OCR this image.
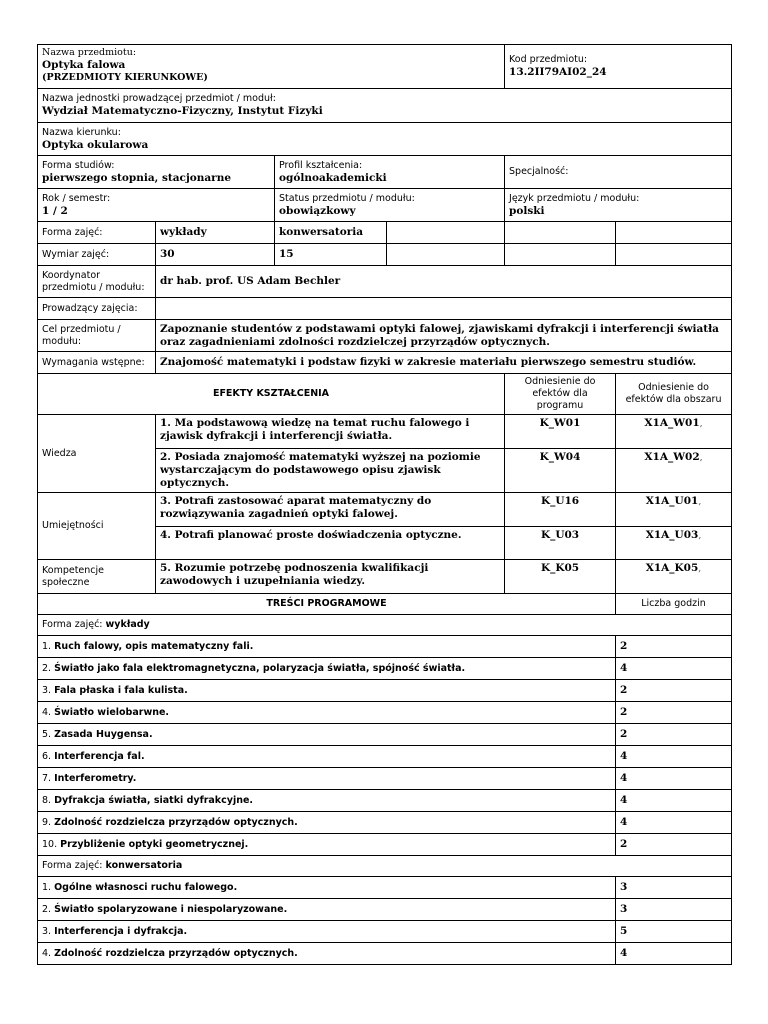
Nazwa przedmiotu:
Optyka falowa
(PRZEDMIOTY KIERUNKOWE)				Kod przedmiotu:
13.2II79AI02_24	

Nazwa jednostki prowadzącej przedmiot / moduł:
Wydział Matematyczno-Fizyczny, Instytut Fizyki					

Nazwa kierunku:
Optyka okularowa					

Forma studiów:
pierwszego stopnia, stacjonarne		Profil kształcenia:
ogólnoakademicki		Specjalność:	

Rok / semestr:
1 / 2		Status przedmiotu / modułu:
obowiązkowy		Język przedmiotu / modułu:
polski	

Forma zajęć:	wykłady	konwersatoria			

Wymiar zajęć:	30	15			

Koordynator przedmiotu / modułu:	dr hab. prof. US Adam Bechler				

Prowadzący zajęcia:					

Cel przedmiotu / modułu:	Zapoznanie studentów z podstawami optyki falowej, zjawiskami dyfrakcji i interferencji światła oraz zagadnieniami zdolności rozdzielczej przyrządów optycznych.				

Wymagania wstępne:	Znajomość matematyki i podstaw fizyki w zakresie materiału pierwszego semestru studiów.				
EFEKTY KSZTAŁCENIA				Odniesienie do efektów dla programu	Odniesienie do efektów dla obszaru
Wiedza	1. Ma podstawową wiedzę na temat ruchu falowego i zjawisk dyfrakcji i interferencji światła.			K_W01	X1A_W01,
	2. Posiada znajomość matematyki wyższej na poziomie wystarczającym do podstawowego opisu zjawisk optycznych.			K_W04	X1A_W02,
Umiejętności	3. Potrafi zastosować aparat matematyczny do rozwiązywania zagadnień optyki falowej.			K_U16	X1A_U01,
	4. Potrafi planować proste doświadczenia optyczne.			K_U03	X1A_U03,
Kompetencje społeczne	5. Rozumie potrzebę podnoszenia kwalifikacji zawodowych i uzupełniania wiedzy.			K_K05	X1A_K05,
TREŚCI PROGRAMOWE					Liczba godzin
Forma zajęć: wykłady					
1. Ruch falowy, opis matematyczny fali.					2
2. Światło jako fala elektromagnetyczna, polaryzacja światła, spójność światła.					4
3. Fala płaska i fala kulista.					2
4. Światło wielobarwne.					2
5. Zasada Huygensa.					2
6. Interferencja fal.					4
7. Interferometry.					4
8. Dyfrakcja światła, siatki dyfrakcyjne.					4
9. Zdolność rozdzielcza przyrządów optycznych.					4
10. Przybliżenie optyki geometrycznej.					2
Forma zajęć: konwersatoria					
1. Ogólne własnosci ruchu falowego.					3
2. Światło spolaryzowane i niespolaryzowane.					3
3. Interferencja i dyfrakcja.					5
4. Zdolność rozdzielcza przyrządów optycznych.					4
